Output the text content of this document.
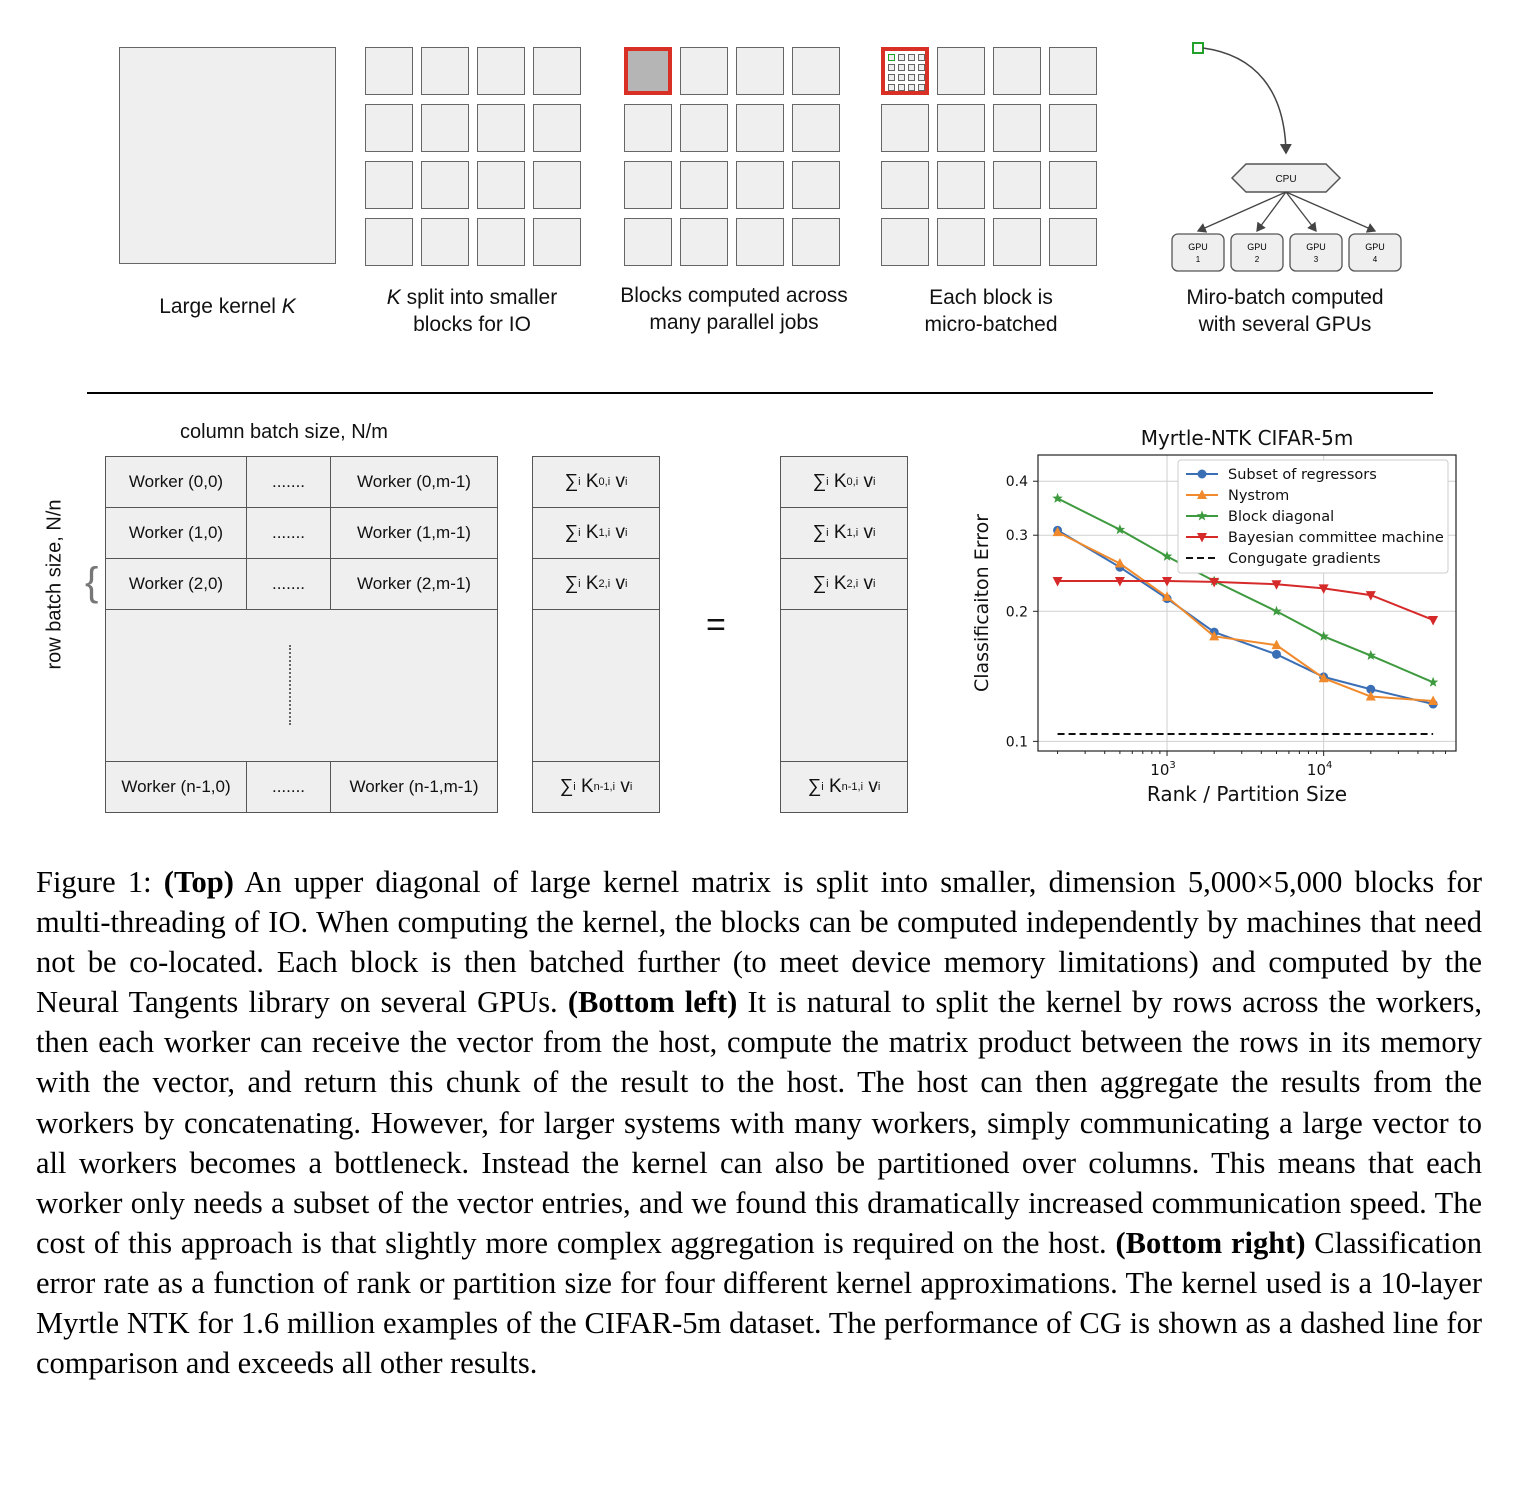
Large kernel K	K split into smaller
blocks for IO
Blocks computed across
many parallel jobs
Each block is
micro-batched
Miro-batch computed
with several GPUs
CPU
GPU
1
GPU
2
GPU
3
GPU
4
column batch size, N/m
row batch size, N/n {
Worker (0,0)	.......	Worker (0,m-1)
Worker (1,0)	.......	Worker (1,m-1)
Worker (2,0)	.......	Worker (2,m-1)
Worker (n-1,0)	.......	Worker (n-1,m-1)
∑ i K 0,i v i
∑ i K 1,i v i
∑ i K 2,i v i
∑ i K n-1,i v i
=
∑ i K 0,i v i
∑ i K 1,i v i
∑ i K 2,i v i
∑ i K n-1,i v i
Myrtle-NTK CIFAR-5m
Rank / Partition Size
Classificaiton Error
0.1
0.2
0.3
0.4
$10^3$	$10^4$
Subset of regressors
Nystrom
Block diagonal
Bayesian committee machine
Congugate gradients
Figure 1: (Top) An upper diagonal of large kernel matrix is split into smaller, dimension 5,000×5,000 blocks for multi-threading of IO. When computing the kernel, the blocks can be computed independently by machines that need not be co-located. Each block is then batched further (to meet device memory limitations) and computed by the Neural Tangents library on several GPUs. (Bottom left) It is natural to split the kernel by rows across the workers, then each worker can receive the vector from the host, compute the matrix product between the rows in its memory with the vector, and return this chunk of the result to the host. The host can then aggregate the results from the workers by concatenating. However, for larger systems with many workers, simply communicating a large vector to all workers becomes a bottleneck. Instead the kernel can also be partitioned over columns. This means that each worker only needs a subset of the vector entries, and we found this dramatically increased communication speed. The cost of this approach is that slightly more complex aggregation is required on the host. (Bottom right) Classification error rate as a function of rank or partition size for four different kernel approximations. The kernel used is a 10-layer Myrtle NTK for 1.6 million examples of the CIFAR-5m dataset. The performance of CG is shown as a dashed line for comparison and exceeds all other results.
